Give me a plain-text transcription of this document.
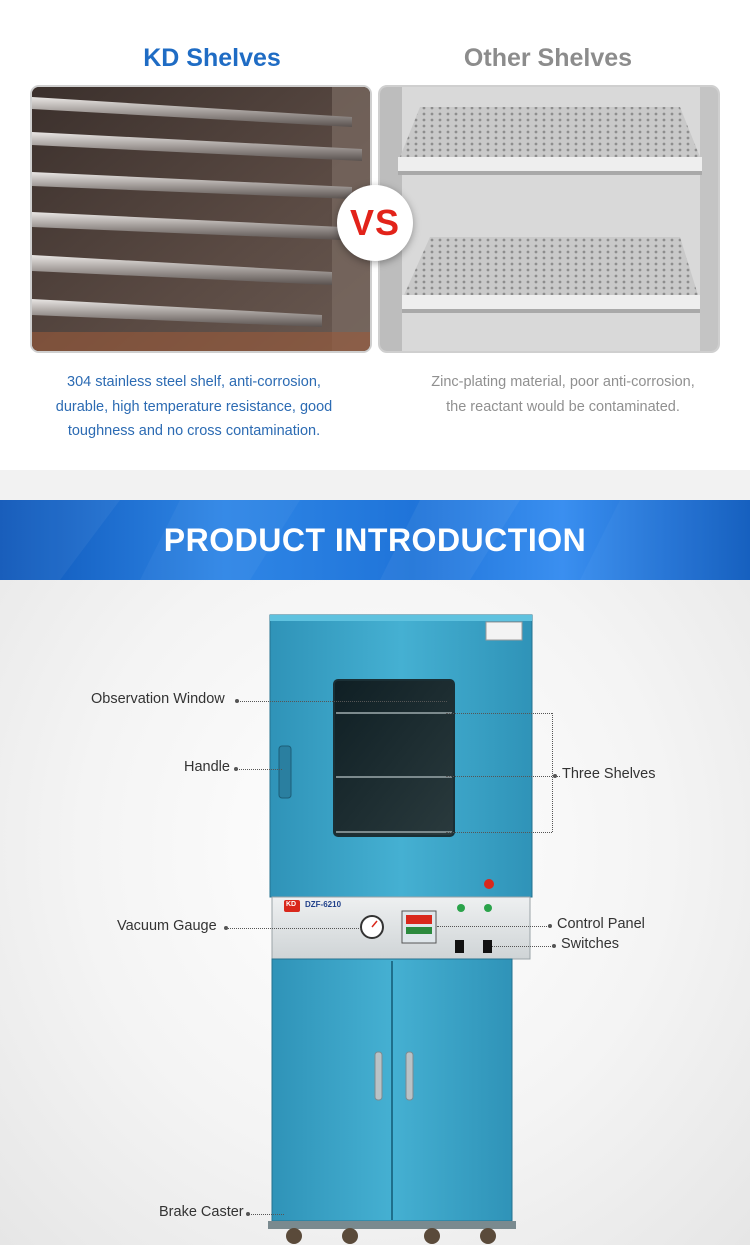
KD Shelves	Other Shelves
VS
304 stainless steel shelf, anti-corrosion,
durable, high temperature resistance, good
toughness and no cross contamination.
Zinc-plating material, poor anti-corrosion,
the reactant would be contaminated.
PRODUCT INTRODUCTION
DZF-6210
KD
Observation Window
Handle	Three Shelves
Vacuum Gauge	Control Panel
Switches
Brake Caster
